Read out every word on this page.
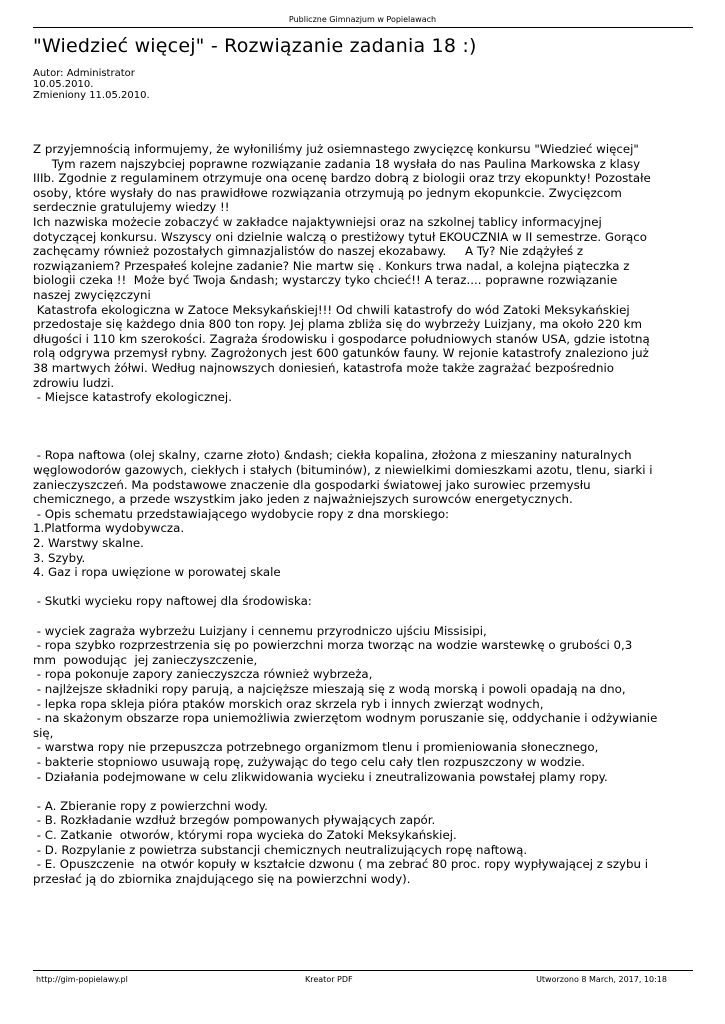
Publiczne Gimnazjum w Popielawach
"Wiedzieć więcej" - Rozwiązanie zadania 18 :)
Autor: Administrator
10.05.2010.
Zmieniony 11.05.2010.
Z przyjemnością informujemy, że wyłoniliśmy już osiemnastego zwycięzcę konkursu "Wiedzieć więcej"
Tym razem najszybciej poprawne rozwiązanie zadania 18 wysłała do nas Paulina Markowska z klasy
IIIb. Zgodnie z regulaminem otrzymuje ona ocenę bardzo dobrą z biologii oraz trzy ekopunkty! Pozostałe
osoby, które wysłały do nas prawidłowe rozwiązania otrzymują po jednym ekopunkcie. Zwycięzcom
serdecznie gratulujemy wiedzy !!
Ich nazwiska możecie zobaczyć w zakładce najaktywniejsi oraz na szkolnej tablicy informacyjnej
dotyczącej konkursu. Wszyscy oni dzielnie walczą o prestiżowy tytuł EKOUCZNIA w II semestrze. Gorąco
zachęcamy również pozostałych gimnazjalistów do naszej ekozabawy.     A Ty? Nie zdążyłeś z
rozwiązaniem? Przespałeś kolejne zadanie? Nie martw się . Konkurs trwa nadal, a kolejna piąteczka z
biologii czeka !!  Może być Twoja &ndash; wystarczy tyko chcieć!! A teraz.... poprawne rozwiązanie
naszej zwycięzczyni
Katastrofa ekologiczna w Zatoce Meksykańskiej!!! Od chwili katastrofy do wód Zatoki Meksykańskiej
przedostaje się każdego dnia 800 ton ropy. Jej plama zbliża się do wybrzeży Luizjany, ma około 220 km
długości i 110 km szerokości. Zagraża środowisku i gospodarce południowych stanów USA, gdzie istotną
rolą odgrywa przemysł rybny. Zagrożonych jest 600 gatunków fauny. W rejonie katastrofy znaleziono już
38 martwych żółwi. Według najnowszych doniesień, katastrofa może także zagrażać bezpośrednio
zdrowiu ludzi.
- Miejsce katastrofy ekologicznej.
- Ropa naftowa (olej skalny, czarne złoto) &ndash; ciekła kopalina, złożona z mieszaniny naturalnych
węglowodorów gazowych, ciekłych i stałych (bituminów), z niewielkimi domieszkami azotu, tlenu, siarki i
zanieczyszczeń. Ma podstawowe znaczenie dla gospodarki światowej jako surowiec przemysłu
chemicznego, a przede wszystkim jako jeden z najważniejszych surowców energetycznych.
- Opis schematu przedstawiającego wydobycie ropy z dna morskiego:
1.Platforma wydobywcza.
2. Warstwy skalne.
3. Szyby.
4. Gaz i ropa uwięzione w porowatej skale
- Skutki wycieku ropy naftowej dla środowiska:
- wyciek zagraża wybrzeżu Luizjany i cennemu przyrodniczo ujściu Missisipi,
- ropa szybko rozprzestrzenia się po powierzchni morza tworząc na wodzie warstewkę o grubości 0,3
mm  powodując  jej zanieczyszczenie,
- ropa pokonuje zapory zanieczyszcza również wybrzeża,
- najlżejsze składniki ropy parują, a najcięższe mieszają się z wodą morską i powoli opadają na dno,
- lepka ropa skleja pióra ptaków morskich oraz skrzela ryb i innych zwierząt wodnych,
- na skażonym obszarze ropa uniemożliwia zwierzętom wodnym poruszanie się, oddychanie i odżywianie
się,
- warstwa ropy nie przepuszcza potrzebnego organizmom tlenu i promieniowania słonecznego,
- bakterie stopniowo usuwają ropę, zużywając do tego celu cały tlen rozpuszczony w wodzie.
- Działania podejmowane w celu zlikwidowania wycieku i zneutralizowania powstałej plamy ropy.
- A. Zbieranie ropy z powierzchni wody.
- B. Rozkładanie wzdłuż brzegów pompowanych pływających zapór.
- C. Zatkanie  otworów, którymi ropa wycieka do Zatoki Meksykańskiej.
- D. Rozpylanie z powietrza substancji chemicznych neutralizujących ropę naftową.
- E. Opuszczenie  na otwór kopuły w kształcie dzwonu ( ma zebrać 80 proc. ropy wypływającej z szybu i
przesłać ją do zbiornika znajdującego się na powierzchni wody).
http://gim-popielawy.pl	Kreator PDF	Utworzono 8 March, 2017, 10:18
